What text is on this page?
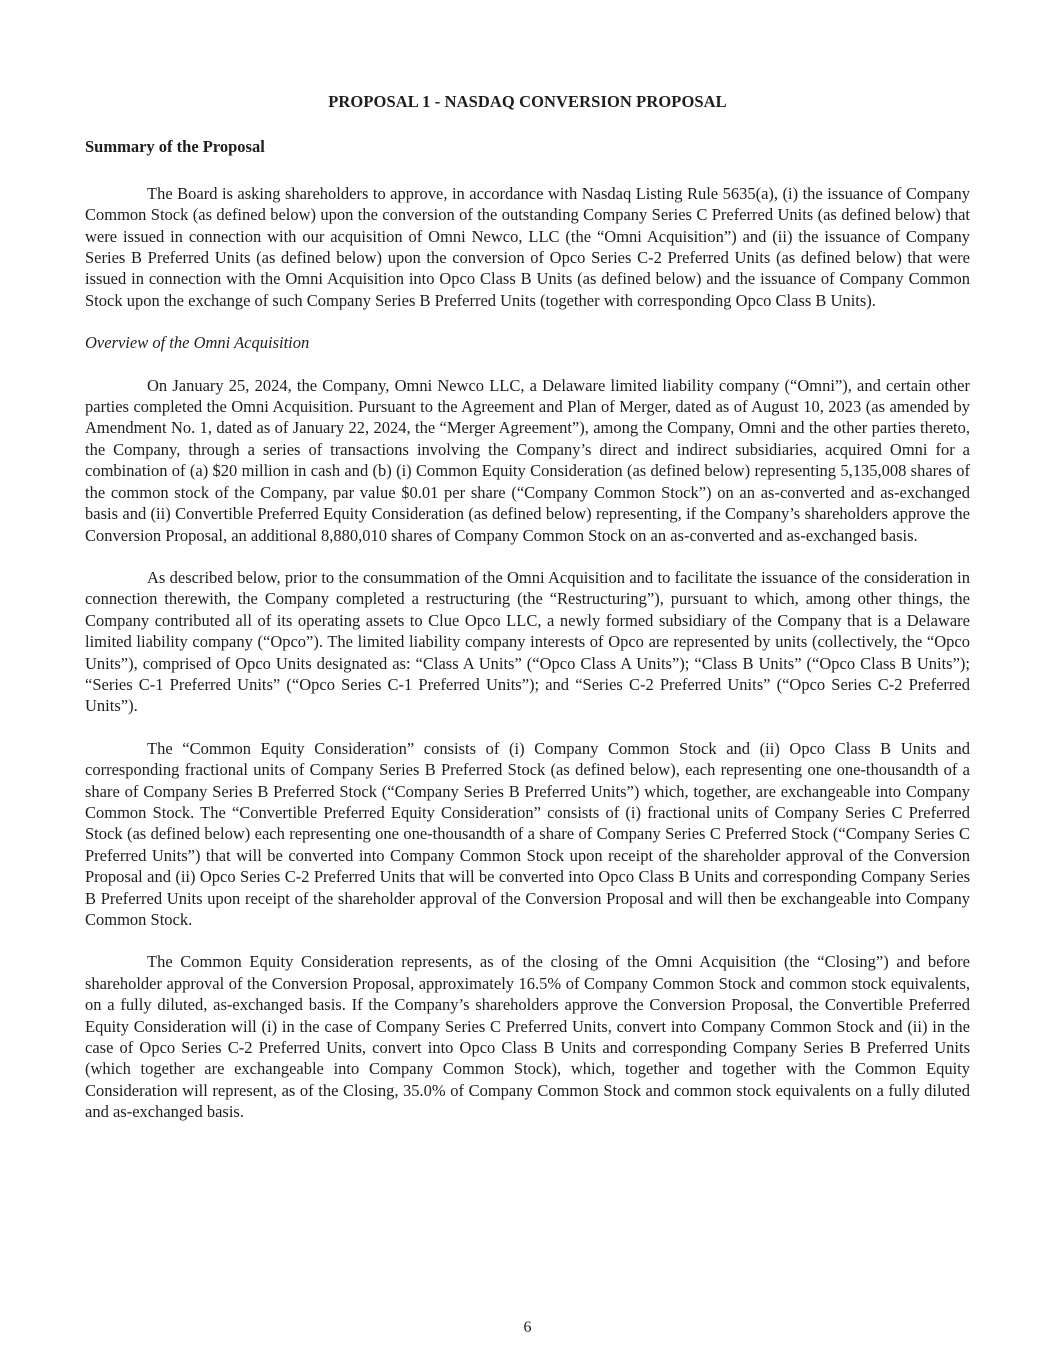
PROPOSAL 1 - NASDAQ CONVERSION PROPOSAL
Summary of the Proposal

The Board is asking shareholders to approve, in accordance with Nasdaq Listing Rule 5635(a), (i) the issuance of Company Common Stock (as defined below) upon the conversion of the outstanding Company Series C Preferred Units (as defined below) that were issued in connection with our acquisition of Omni Newco, LLC (the “Omni Acquisition”) and (ii) the issuance of Company Series B Preferred Units (as defined below) upon the conversion of Opco Series C-2 Preferred Units (as defined below) that were issued in connection with the Omni Acquisition into Opco Class B Units (as defined below) and the issuance of Company Common Stock upon the exchange of such Company Series B Preferred Units (together with corresponding Opco Class B Units).

Overview of the Omni Acquisition

On January 25, 2024, the Company, Omni Newco LLC, a Delaware limited liability company (“Omni”), and certain other parties completed the Omni Acquisition. Pursuant to the Agreement and Plan of Merger, dated as of August 10, 2023 (as amended by Amendment No. 1, dated as of January 22, 2024, the “Merger Agreement”), among the Company, Omni and the other parties thereto, the Company, through a series of transactions involving the Company’s direct and indirect subsidiaries, acquired Omni for a combination of (a) $20 million in cash and (b) (i) Common Equity Consideration (as defined below) representing 5,135,008 shares of the common stock of the Company, par value $0.01 per share (“Company Common Stock”) on an as-converted and as-exchanged basis and (ii) Convertible Preferred Equity Consideration (as defined below) representing, if the Company’s shareholders approve the Conversion Proposal, an additional 8,880,010 shares of Company Common Stock on an as-converted and as-exchanged basis.

As described below, prior to the consummation of the Omni Acquisition and to facilitate the issuance of the consideration in connection therewith, the Company completed a restructuring (the “Restructuring”), pursuant to which, among other things, the Company contributed all of its operating assets to Clue Opco LLC, a newly formed subsidiary of the Company that is a Delaware limited liability company (“Opco”). The limited liability company interests of Opco are represented by units (collectively, the “Opco Units”), comprised of Opco Units designated as: “Class A Units” (“Opco Class A Units”); “Class B Units” (“Opco Class B Units”); “Series C-1 Preferred Units” (“Opco Series C-1 Preferred Units”); and “Series C-2 Preferred Units” (“Opco Series C-2 Preferred Units”).

The “Common Equity Consideration” consists of (i) Company Common Stock and (ii) Opco Class B Units and corresponding fractional units of Company Series B Preferred Stock (as defined below), each representing one one-thousandth of a share of Company Series B Preferred Stock (“Company Series B Preferred Units”) which, together, are exchangeable into Company Common Stock. The “Convertible Preferred Equity Consideration” consists of (i) fractional units of Company Series C Preferred Stock (as defined below) each representing one one-thousandth of a share of Company Series C Preferred Stock (“Company Series C Preferred Units”) that will be converted into Company Common Stock upon receipt of the shareholder approval of the Conversion Proposal and (ii) Opco Series C-2 Preferred Units that will be converted into Opco Class B Units and corresponding Company Series B Preferred Units upon receipt of the shareholder approval of the Conversion Proposal and will then be exchangeable into Company Common Stock.

The Common Equity Consideration represents, as of the closing of the Omni Acquisition (the “Closing”) and before shareholder approval of the Conversion Proposal, approximately 16.5% of Company Common Stock and common stock equivalents, on a fully diluted, as-exchanged basis. If the Company’s shareholders approve the Conversion Proposal, the Convertible Preferred Equity Consideration will (i) in the case of Company Series C Preferred Units, convert into Company Common Stock and (ii) in the case of Opco Series C-2 Preferred Units, convert into Opco Class B Units and corresponding Company Series B Preferred Units (which together are exchangeable into Company Common Stock), which, together and together with the Common Equity Consideration will represent, as of the Closing, 35.0% of Company Common Stock and common stock equivalents on a fully diluted and as-exchanged basis.

6
